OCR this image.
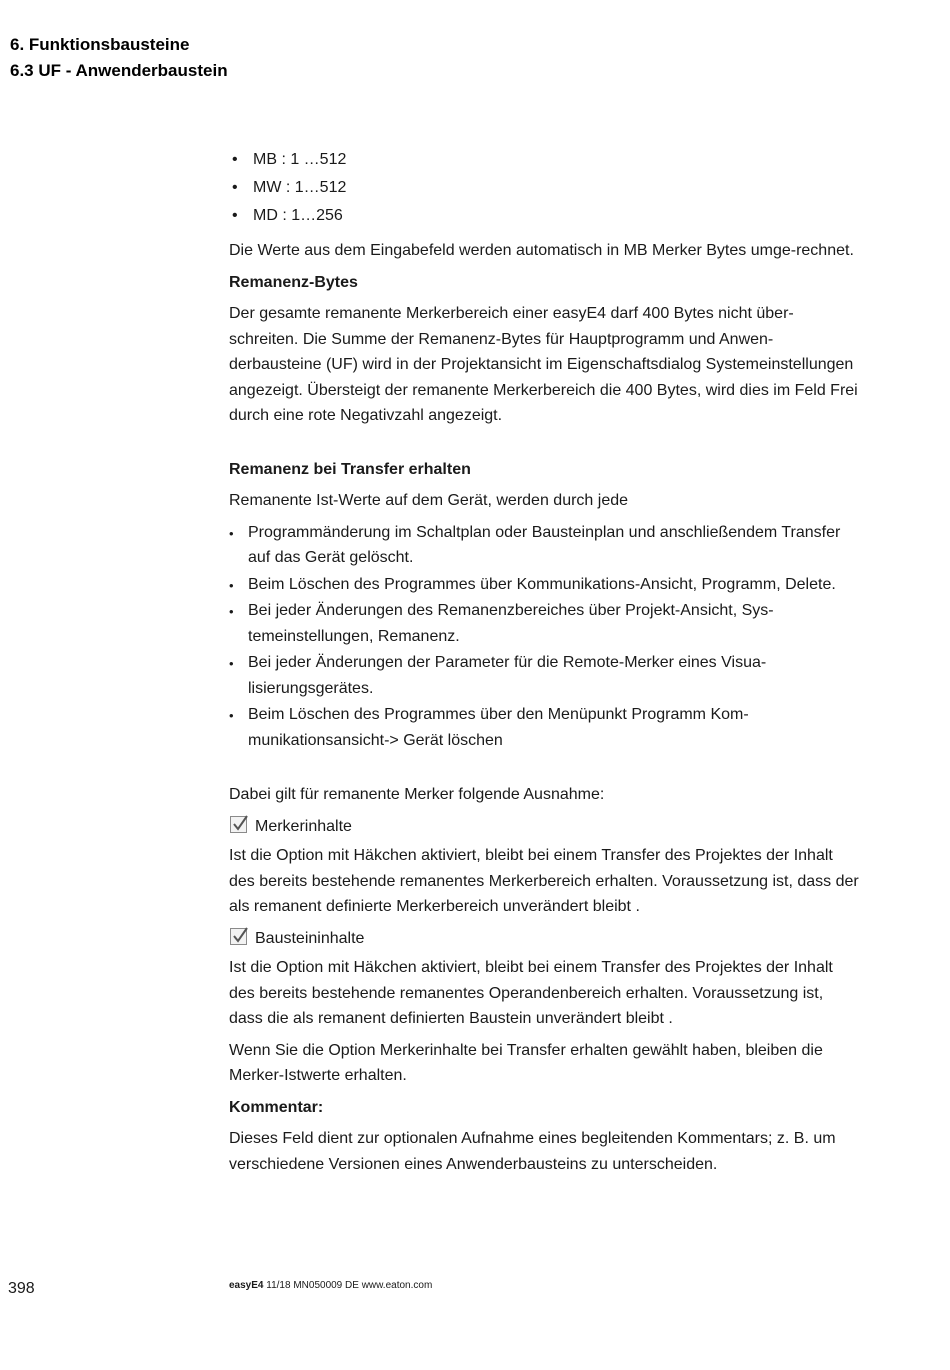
6. Funktionsbausteine
6.3 UF - Anwenderbaustein
• MB : 1 …512
• MW : 1…512
• MD : 1…256

Die Werte aus dem Eingabefeld werden automatisch in MB Merker Bytes umge-rechnet.

Remanenz-Bytes

Der gesamte remanente Merkerbereich einer easyE4 darf 400 Bytes nicht über-schreiten. Die Summe der Remanenz-Bytes für Hauptprogramm und Anwen-derbausteine (UF) wird in der Projektansicht im Eigenschaftsdialog Systemeinstellungen angezeigt. Übersteigt der remanente Merkerbereich die 400 Bytes, wird dies im Feld Frei durch eine rote Negativzahl angezeigt.

Remanenz bei Transfer erhalten

Remanente Ist-Werte auf dem Gerät, werden durch jede

• Programmänderung im Schaltplan oder Bausteinplan und anschließendem Transfer auf das Gerät gelöscht.
• Beim Löschen des Programmes über Kommunikations-Ansicht, Programm, Delete.
• Bei jeder Änderungen des Remanenzbereiches über Projekt-Ansicht, Sys-temeinstellungen, Remanenz.
• Bei jeder Änderungen der Parameter für die Remote-Merker eines Visua-lisierungsgerätes.
• Beim Löschen des Programmes über den Menüpunkt Programm Kom-munikationsansicht-> Gerät löschen

Dabei gilt für remanente Merker folgende Ausnahme:

Merkerinhalte

Ist die Option mit Häkchen aktiviert, bleibt bei einem Transfer des Projektes der Inhalt des bereits bestehende remanentes Merkerbereich erhalten. Voraussetzung ist, dass der als remanent definierte Merkerbereich unverändert bleibt .

Bausteininhalte

Ist die Option mit Häkchen aktiviert, bleibt bei einem Transfer des Projektes der Inhalt des bereits bestehende remanentes Operandenbereich erhalten. Voraussetzung ist, dass die als remanent definierten Baustein unverändert bleibt .

Wenn Sie die Option Merkerinhalte bei Transfer erhalten gewählt haben, bleiben die Merker-Istwerte erhalten.

Kommentar:

Dieses Feld dient zur optionalen Aufnahme eines begleitenden Kommentars; z. B. um verschiedene Versionen eines Anwenderbausteins zu unterscheiden.

398	easyE4 11/18 MN050009 DE www.eaton.com
